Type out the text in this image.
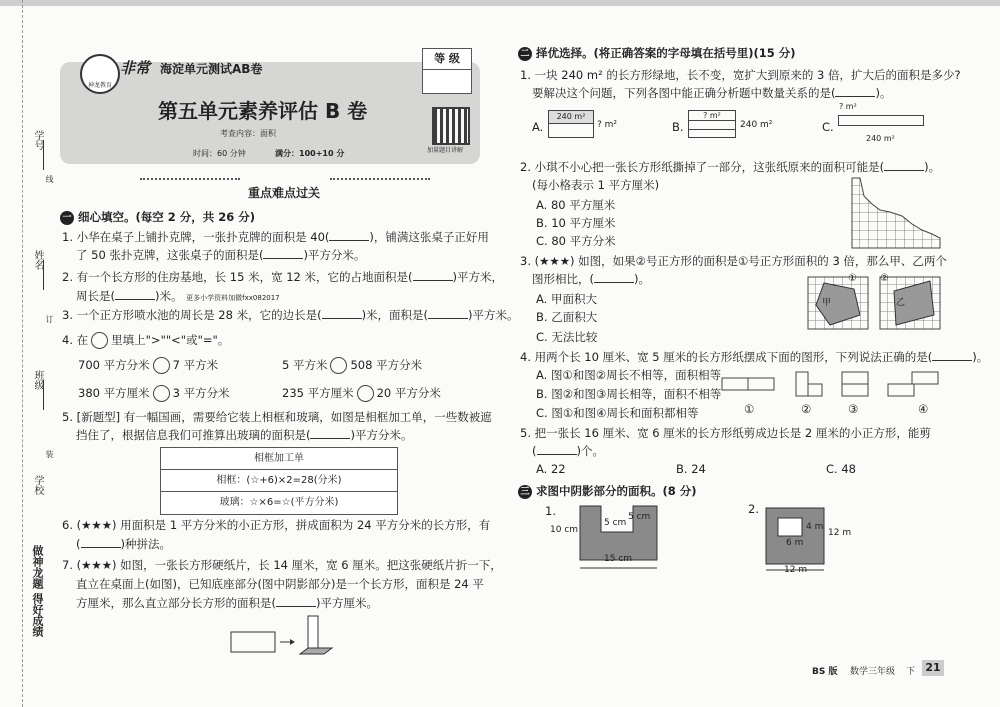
学号
姓名
班级
学校
线
订
装
做神龙题 得好成绩
神龙教育
非常 海淀单元测试AB卷
第五单元素养评估 B 卷
考查内容：面积
时间：60 分钟	满分：100+10 分
等 级
加量题目讲解
重点难点过关
一 细心填空。(每空 2 分，共 26 分)
1. 小华在桌子上铺扑克牌，一张扑克牌的面积是 40(	)，铺满这张桌子正好用
了 50 张扑克牌，这张桌子的面积是(	)平方分米。
2. 有一个长方形的住房基地，长 15 米，宽 12 米，它的占地面积是(	)平方米，
周长是(	)米。 更多小学资料加微fxx082017
3. 一个正方形喷水池的周长是 28 米，它的边长是(	)米，面积是(	)平方米。
4. 在 里填上">""<"或"="。
700 平方分米 7 平方米	5 平方米 508 平方分米
380 平方厘米 3 平方分米	235 平方厘米 20 平方分米
5. [新题型] 有一幅国画，需要给它装上相框和玻璃，如图是相框加工单，一些数被遮
挡住了，根据信息我们可推算出玻璃的面积是(	)平方分米。
相框加工单
相框：(☆+6)×2=28(分米)
玻璃：☆×6=☆(平方分米)
6. (★★★) 用面积是 1 平方分米的小正方形，拼成面积为 24 平方分米的长方形，有
(	)种拼法。
7. (★★★) 如图，一张长方形硬纸片，长 14 厘米，宽 6 厘米。把这张硬纸片折一下，
直立在桌面上(如图)，已知底座部分(图中阴影部分)是一个长方形，面积是 24 平
方厘米，那么直立部分长方形的面积是(	)平方厘米。
二 择优选择。(将正确答案的字母填在括号里)(15 分)
1. 一块 240 m² 的长方形绿地，长不变，宽扩大到原来的 3 倍，扩大后的面积是多少?
要解决这个问题，下列各图中能正确分析题中数量关系的是(	)。
A.
240 m²
? m²	B.
? m²
240 m²	C.
? m²
240 m²
2. 小琪不小心把一张长方形纸撕掉了一部分，这张纸原来的面积可能是(	)。
(每小格表示 1 平方厘米)
A. 80 平方厘米
B. 10 平方厘米
C. 80 平方分米
3. (★★★) 如图，如果②号正方形的面积是①号正方形面积的 3 倍，那么甲、乙两个
图形相比，(	)。
A. 甲面积大
B. 乙面积大
C. 无法比较
甲
① ②
乙
4. 用两个长 10 厘米、宽 5 厘米的长方形纸摆成下面的图形，下列说法正确的是(	)。
A. 图①和图②周长不相等，面积相等
B. 图②和图③周长相等，面积不相等
C. 图①和图④周长和面积都相等	①	②	③	④
5. 把一张长 16 厘米、宽 6 厘米的长方形纸剪成边长是 2 厘米的小正方形，能剪
(	)个。
A. 22	B. 24	C. 48
三 求图中阴影部分的面积。(8 分)
1.
10 cm
5 cm
5 cm
15 cm
2.
4 m
6 m
12 m
12 m
BS 版 数学三年级 下 21
